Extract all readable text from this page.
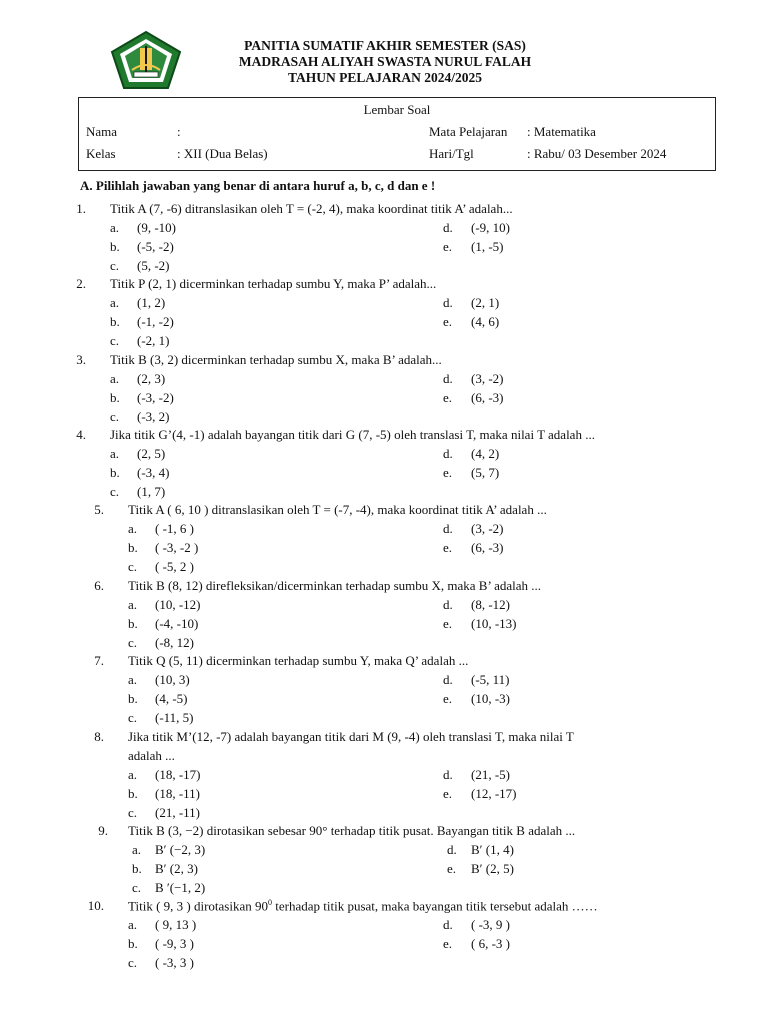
PANITIA SUMATIF AKHIR SEMESTER (SAS)
MADRASAH ALIYAH SWASTA NURUL FALAH
TAHUN PELAJARAN 2024/2025
Lembar Soal
Nama	:	Mata Pelajaran : Matematika
Kelas	: XII (Dua Belas)	Hari/Tgl	: Rabu/ 03 Desember 2024
A. Pilihlah jawaban yang benar di antara huruf a, b, c, d dan e !
1. Titik A (7, -6) ditranslasikan oleh T = (-2, 4), maka koordinat titik A’ adalah...
a. (9, -10)	d. (-9, 10)
b. (-5, -2)	e. (1, -5)
c. (5, -2)
2. Titik P (2, 1) dicerminkan terhadap sumbu Y, maka P’ adalah...
a. (1, 2)	d. (2, 1)
b. (-1, -2)	e. (4, 6)
c. (-2, 1)
3. Titik B (3, 2) dicerminkan terhadap sumbu X, maka B’ adalah...
a. (2, 3)	d. (3, -2)
b. (-3, -2)	e. (6, -3)
c. (-3, 2)
4. Jika titik G’(4, -1) adalah bayangan titik dari G (7, -5) oleh translasi T, maka nilai T adalah ...
a. (2, 5)	d. (4, 2)
b. (-3, 4)	e. (5, 7)
c. (1, 7)
5. Titik A ( 6, 10 ) ditranslasikan oleh T = (-7, -4), maka koordinat titik A’ adalah ...
a. ( -1, 6 )	d. (3, -2)
b. ( -3, -2 )	e. (6, -3)
c. ( -5, 2 )
6. Titik B (8, 12) direfleksikan/dicerminkan terhadap sumbu X, maka B’ adalah ...
a. (10, -12)	d. (8, -12)
b. (-4, -10)	e. (10, -13)
c. (-8, 12)
7. Titik Q (5, 11) dicerminkan terhadap sumbu Y, maka Q’ adalah ...
a. (10, 3)	d. (-5, 11)
b. (4, -5)	e. (10, -3)
c. (-11, 5)
8. Jika titik M’(12, -7) adalah bayangan titik dari M (9, -4) oleh translasi T, maka nilai T
adalah ...
a. (18, -17)	d. (21, -5)
b. (18, -11)	e. (12, -17)
c. (21, -11)
9. Titik B (3, −2) dirotasikan sebesar 90° terhadap titik pusat. Bayangan titik B adalah ...
a. B′ (−2, 3)	d. B′ (1, 4)
b. B′ (2, 3)	e. B′ (2, 5)
c. B ′(−1, 2)
10. Titik ( 9, 3 ) dirotasikan $90^0$ terhadap titik pusat, maka bayangan titik tersebut adalah ……
a. ( 9, 13 )	d. ( -3, 9 )
b. ( -9, 3 )	e. ( 6, -3 )
c. ( -3, 3 )
